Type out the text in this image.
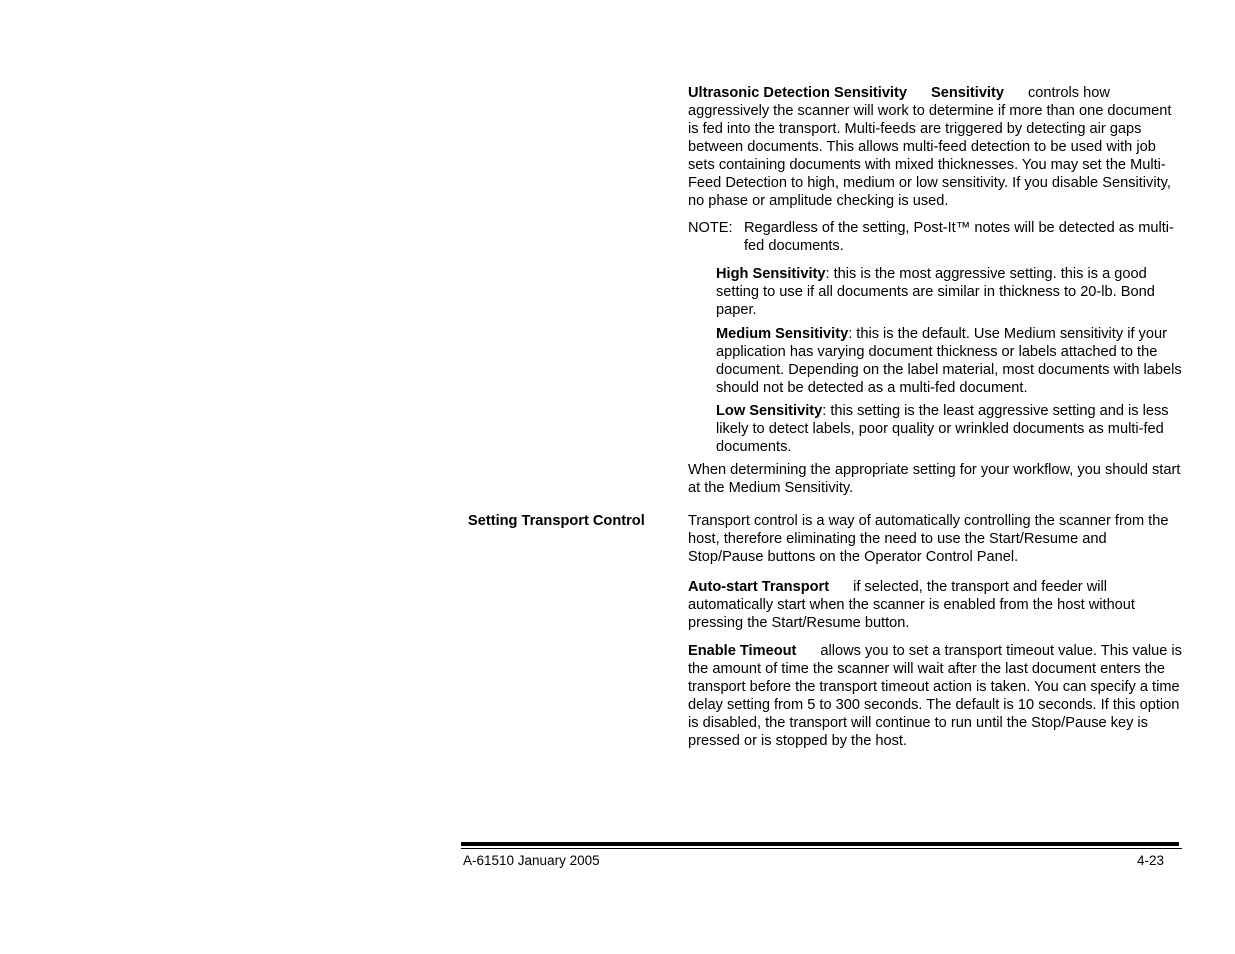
Ultrasonic Detection Sensitivity Sensitivity controls how aggressively the scanner will work to determine if more than one document is fed into the transport. Multi-feeds are triggered by detecting air gaps between documents. This allows multi-feed detection to be used with job sets containing documents with mixed thicknesses. You may set the Multi-Feed Detection to high, medium or low sensitivity. If you disable Sensitivity, no phase or amplitude checking is used.

NOTE: Regardless of the setting, Post-It™ notes will be detected as multi-fed documents.

High Sensitivity: this is the most aggressive setting. this is a good setting to use if all documents are similar in thickness to 20-lb. Bond paper.

Medium Sensitivity: this is the default. Use Medium sensitivity if your application has varying document thickness or labels attached to the document. Depending on the label material, most documents with labels should not be detected as a multi-fed document.

Low Sensitivity: this setting is the least aggressive setting and is less likely to detect labels, poor quality or wrinkled documents as multi-fed documents.

When determining the appropriate setting for your workflow, you should start at the Medium Sensitivity.

Setting Transport Control	Transport control is a way of automatically controlling the scanner from the host, therefore eliminating the need to use the Start/Resume and Stop/Pause buttons on the Operator Control Panel.

Auto-start Transport if selected, the transport and feeder will automatically start when the scanner is enabled from the host without pressing the Start/Resume button.

Enable Timeout allows you to set a transport timeout value. This value is the amount of time the scanner will wait after the last document enters the transport before the transport timeout action is taken. You can specify a time delay setting from 5 to 300 seconds. The default is 10 seconds. If this option is disabled, the transport will continue to run until the Stop/Pause key is pressed or is stopped by the host.

A-61510 January 2005	4-23
